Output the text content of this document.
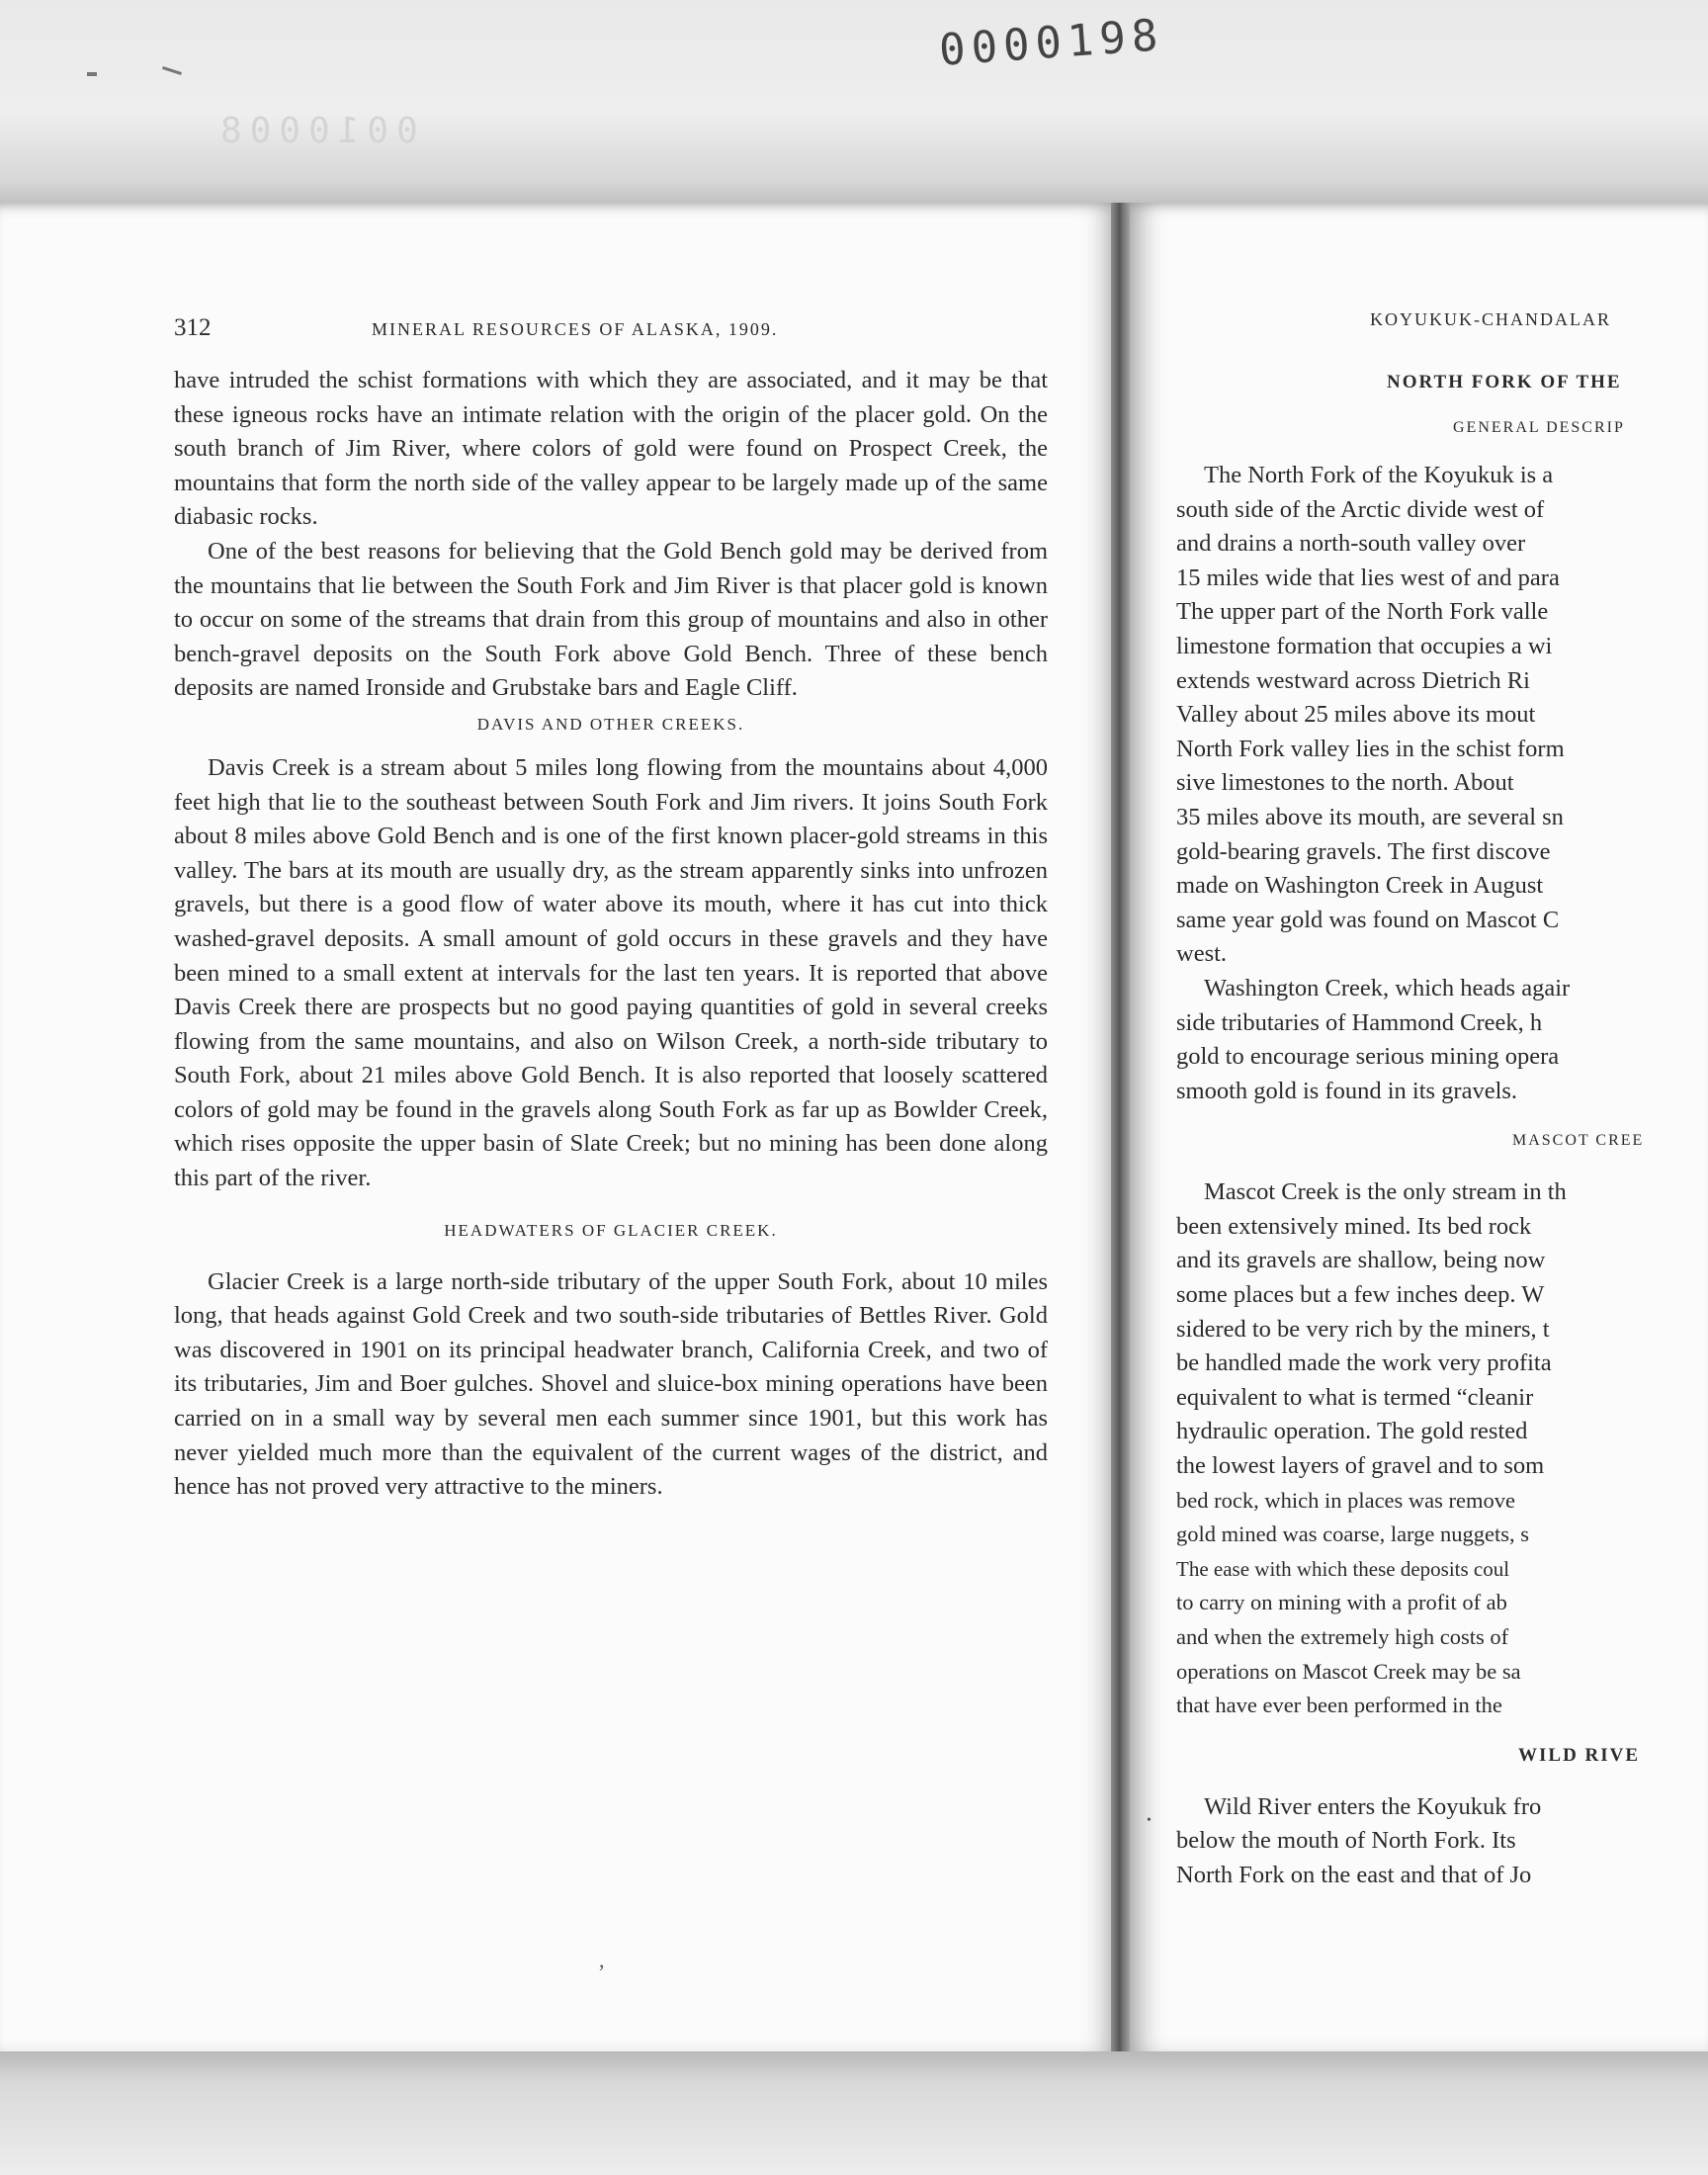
0000198
0010008
312	MINERAL RESOURCES OF ALASKA, 1909.

have intruded the schist formations with which they are associated, and it may be that these igneous rocks have an intimate relation with the origin of the placer gold. On the south branch of Jim River, where colors of gold were found on Prospect Creek, the mountains that form the north side of the valley appear to be largely made up of the same diabasic rocks.

One of the best reasons for believing that the Gold Bench gold may be derived from the mountains that lie between the South Fork and Jim River is that placer gold is known to occur on some of the streams that drain from this group of mountains and also in other bench-gravel deposits on the South Fork above Gold Bench. Three of these bench deposits are named Ironside and Grubstake bars and Eagle Cliff.

DAVIS AND OTHER CREEKS.

Davis Creek is a stream about 5 miles long flowing from the mountains about 4,000 feet high that lie to the southeast between South Fork and Jim rivers. It joins South Fork about 8 miles above Gold Bench and is one of the first known placer-gold streams in this valley. The bars at its mouth are usually dry, as the stream apparently sinks into unfrozen gravels, but there is a good flow of water above its mouth, where it has cut into thick washed-gravel deposits. A small amount of gold occurs in these gravels and they have been mined to a small extent at intervals for the last ten years. It is reported that above Davis Creek there are prospects but no good paying quantities of gold in several creeks flowing from the same mountains, and also on Wilson Creek, a north-side tributary to South Fork, about 21 miles above Gold Bench. It is also reported that loosely scattered colors of gold may be found in the gravels along South Fork as far up as Bowlder Creek, which rises opposite the upper basin of Slate Creek; but no mining has been done along this part of the river.

HEADWATERS OF GLACIER CREEK.

Glacier Creek is a large north-side tributary of the upper South Fork, about 10 miles long, that heads against Gold Creek and two south-side tributaries of Bettles River. Gold was discovered in 1901 on its principal headwater branch, California Creek, and two of its tributaries, Jim and Boer gulches. Shovel and sluice-box mining operations have been carried on in a small way by several men each summer since 1901, but this work has never yielded much more than the equivalent of the current wages of the district, and hence has not proved very attractive to the miners.

KOYUKUK-CHANDALAR
NORTH FORK OF THE
GENERAL DESCRIP

The North Fork of the Koyukuk is a
south side of the Arctic divide west of
and drains a north-south valley over
15 miles wide that lies west of and para
The upper part of the North Fork valle
limestone formation that occupies a wi
extends westward across Dietrich Ri
Valley about 25 miles above its mout
North Fork valley lies in the schist form
sive limestones to the north. About
35 miles above its mouth, are several sn
gold-bearing gravels. The first discove
made on Washington Creek in August
same year gold was found on Mascot C
west.

Washington Creek, which heads agair
side tributaries of Hammond Creek, h
gold to encourage serious mining opera
smooth gold is found in its gravels.

MASCOT CREE

Mascot Creek is the only stream in th
been extensively mined. Its bed rock
and its gravels are shallow, being now
some places but a few inches deep. W
sidered to be very rich by the miners, t
be handled made the work very profita
equivalent to what is termed “cleanir
hydraulic operation. The gold rested
the lowest layers of gravel and to som
bed rock, which in places was remove
gold mined was coarse, large nuggets, s
The ease with which these deposits coul
to carry on mining with a profit of ab
and when the extremely high costs of
operations on Mascot Creek may be sa
that have ever been performed in the

WILD RIVE

Wild River enters the Koyukuk fro
below the mouth of North Fork. Its
North Fork on the east and that of Jo

,
•
